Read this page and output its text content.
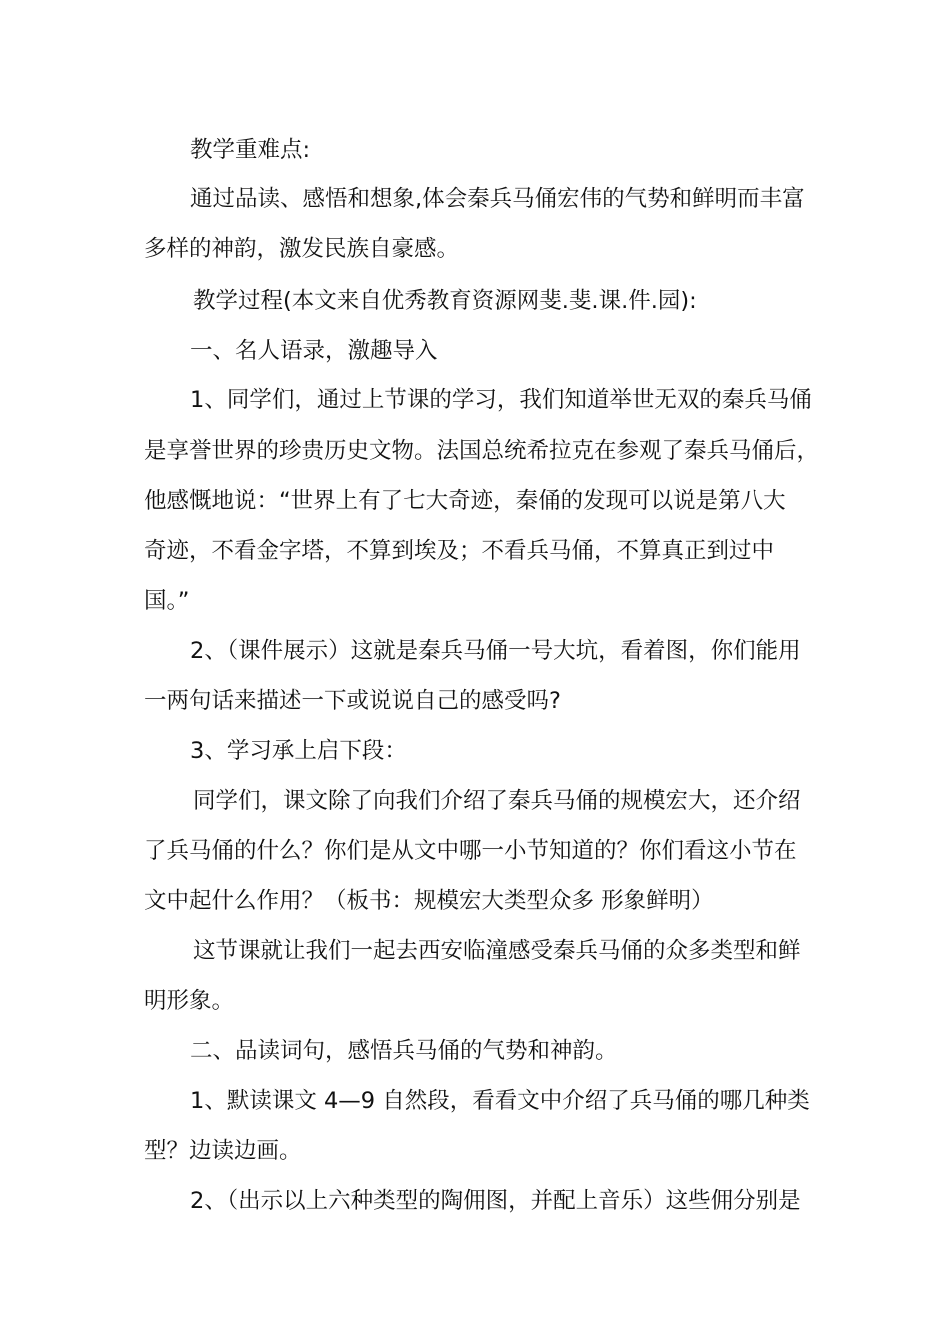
教学重难点:
通过品读、感悟和想象,体会秦兵马俑宏伟的气势和鲜明而丰富
多样的神韵，激发民族自豪感。
教学过程(本文来自优秀教育资源网斐.斐.课.件.园):
一、名人语录，激趣导入
1、同学们，通过上节课的学习，我们知道举世无双的秦兵马俑
是享誉世界的珍贵历史文物。法国总统希拉克在参观了秦兵马俑后，
他感慨地说：“世界上有了七大奇迹，秦俑的发现可以说是第八大
奇迹，不看金字塔，不算到埃及；不看兵马俑，不算真正到过中
国。”
2、（课件展示）这就是秦兵马俑一号大坑，看着图，你们能用
一两句话来描述一下或说说自己的感受吗?
3、学习承上启下段：
同学们，课文除了向我们介绍了秦兵马俑的规模宏大，还介绍
了兵马俑的什么？你们是从文中哪一小节知道的？你们看这小节在
文中起什么作用？（板书：规模宏大类型众多 形象鲜明）
这节课就让我们一起去西安临潼感受秦兵马俑的众多类型和鲜
明形象。
二、品读词句，感悟兵马俑的气势和神韵。
1、默读课文 4—9 自然段，看看文中介绍了兵马俑的哪几种类
型？边读边画。
2、（出示以上六种类型的陶佣图，并配上音乐）这些佣分别是
